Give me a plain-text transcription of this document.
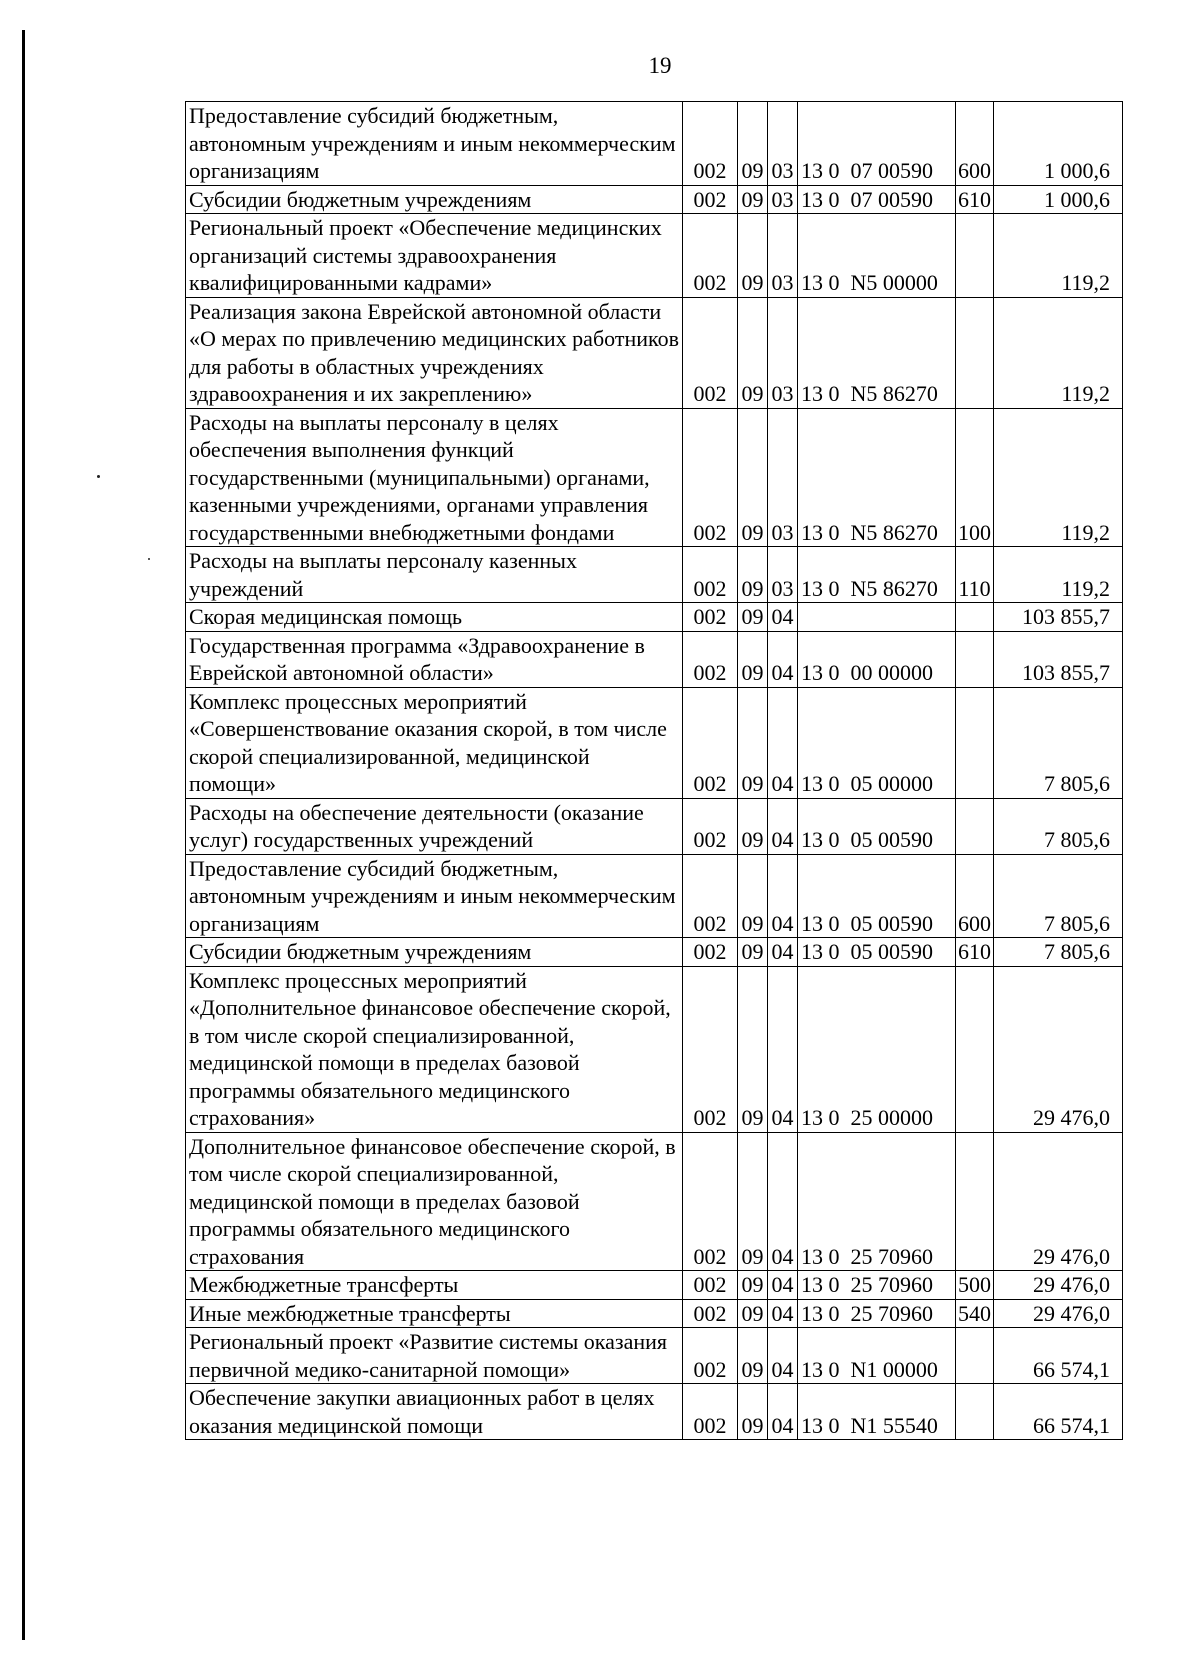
19
Предоставление субсидий бюджетным, автономным учреждениям и иным некоммерческим организациям	002	09	03	13 0  07 00590	600	1 000,6
Субсидии бюджетным учреждениям	002	09	03	13 0  07 00590	610	1 000,6
Региональный проект «Обеспечение медицинских организаций системы здравоохранения квалифицированными кадрами»	002	09	03	13 0  N5 00000		119,2
Реализация закона Еврейской автономной области «О мерах по привлечению медицинских работников для работы в областных учреждениях здравоохранения и их закреплению»	002	09	03	13 0  N5 86270		119,2
Расходы на выплаты персоналу в целях обеспечения выполнения функций государственными (муниципальными) органами, казенными учреждениями, органами управления государственными внебюджетными фондами	002	09	03	13 0  N5 86270	100	119,2
Расходы на выплаты персоналу казенных учреждений	002	09	03	13 0  N5 86270	110	119,2
Скорая медицинская помощь	002	09	04			103 855,7
Государственная программа «Здравоохранение в Еврейской автономной области»	002	09	04	13 0  00 00000		103 855,7
Комплекс процессных мероприятий «Совершенствование оказания скорой, в том числе скорой специализированной, медицинской помощи»	002	09	04	13 0  05 00000		7 805,6
Расходы на обеспечение деятельности (оказание услуг) государственных учреждений	002	09	04	13 0  05 00590		7 805,6
Предоставление субсидий бюджетным, автономным учреждениям и иным некоммерческим организациям	002	09	04	13 0  05 00590	600	7 805,6
Субсидии бюджетным учреждениям	002	09	04	13 0  05 00590	610	7 805,6
Комплекс процессных мероприятий «Дополнительное финансовое обеспечение скорой, в том числе скорой специализированной, медицинской помощи в пределах базовой программы обязательного медицинского страхования»	002	09	04	13 0  25 00000		29 476,0
Дополнительное финансовое обеспечение скорой, в том числе скорой специализированной, медицинской помощи в пределах базовой программы обязательного медицинского страхования	002	09	04	13 0  25 70960		29 476,0
Межбюджетные трансферты	002	09	04	13 0  25 70960	500	29 476,0
Иные межбюджетные трансферты	002	09	04	13 0  25 70960	540	29 476,0
Региональный проект «Развитие системы оказания первичной медико-санитарной помощи»	002	09	04	13 0  N1 00000		66 574,1
Обеспечение закупки авиационных работ в целях оказания медицинской помощи	002	09	04	13 0  N1 55540		66 574,1
